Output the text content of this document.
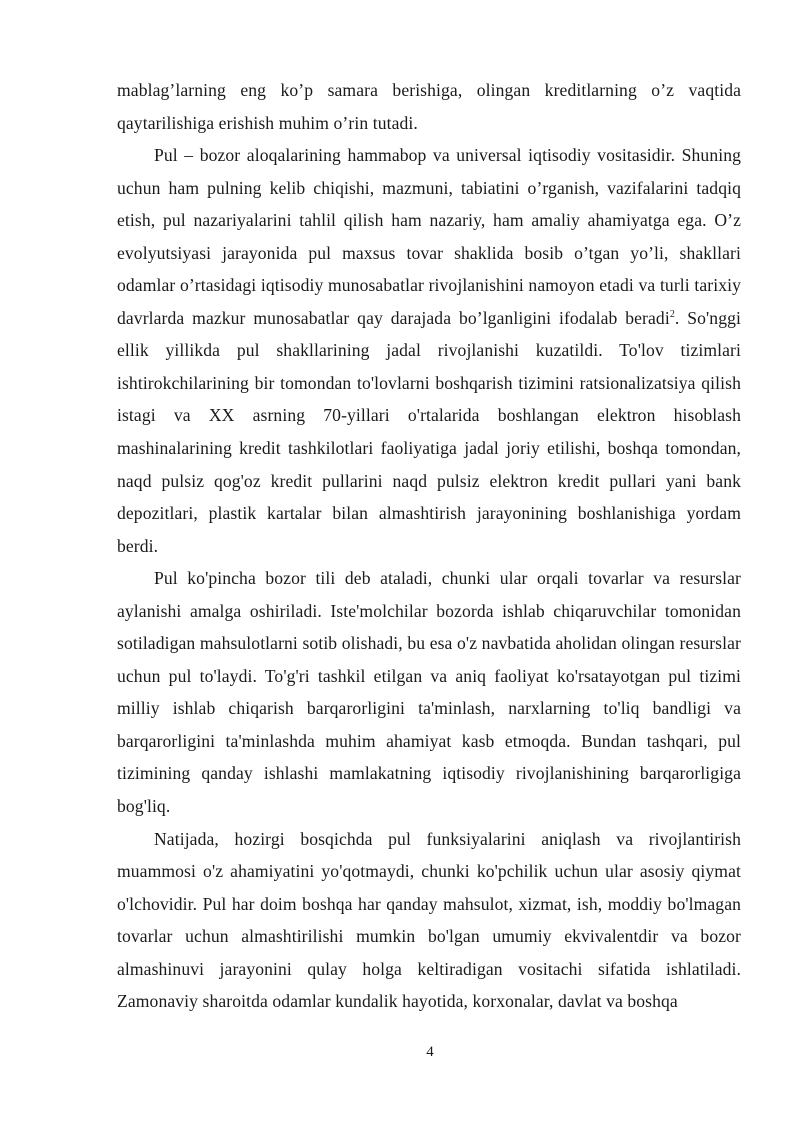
mablag’larning eng ko’p samara berishiga, olingan kreditlarning o’z vaqtida qaytarilishiga erishish muhim o’rin tutadi.

Pul – bozor aloqalarining hammabop va universal iqtisodiy vositasidir. Shuning uchun ham pulning kelib chiqishi, mazmuni, tabiatini o’rganish, vazifalarini tadqiq etish, pul nazariyalarini tahlil qilish ham nazariy, ham amaliy ahamiyatga ega. O’z evolyutsiyasi jarayonida pul maxsus tovar shaklida bosib o’tgan yo’li, shakllari odamlar o’rtasidagi iqtisodiy munosabatlar rivojlanishini namoyon etadi va turli tarixiy davrlarda mazkur munosabatlar qay darajada bo’lganligini ifodalab beradi$^2$. So'nggi ellik yillikda pul shakllarining jadal rivojlanishi kuzatildi. To'lov tizimlari ishtirokchilarining bir tomondan to'lovlarni boshqarish tizimini ratsionalizatsiya qilish istagi va XX asrning 70-yillari o'rtalarida boshlangan elektron hisoblash mashinalarining kredit tashkilotlari faoliyatiga jadal joriy etilishi, boshqa tomondan, naqd pulsiz qog'oz kredit pullarini naqd pulsiz elektron kredit pullari yani bank depozitlari, plastik kartalar bilan almashtirish jarayonining boshlanishiga yordam berdi.

Pul ko'pincha bozor tili deb ataladi, chunki ular orqali tovarlar va resurslar aylanishi amalga oshiriladi. Iste'molchilar bozorda ishlab chiqaruvchilar tomonidan sotiladigan mahsulotlarni sotib olishadi, bu esa o'z navbatida aholidan olingan resurslar uchun pul to'laydi. To'g'ri tashkil etilgan va aniq faoliyat ko'rsatayotgan pul tizimi milliy ishlab chiqarish barqarorligini ta'minlash, narxlarning to'liq bandligi va barqarorligini ta'minlashda muhim ahamiyat kasb etmoqda. Bundan tashqari, pul tizimining qanday ishlashi mamlakatning iqtisodiy rivojlanishining barqarorligiga bog'liq.

Natijada, hozirgi bosqichda pul funksiyalarini aniqlash va rivojlantirish muammosi o'z ahamiyatini yo'qotmaydi, chunki ko'pchilik uchun ular asosiy qiymat o'lchovidir. Pul har doim boshqa har qanday mahsulot, xizmat, ish, moddiy bo'lmagan tovarlar uchun almashtirilishi mumkin bo'lgan umumiy ekvivalentdir va bozor almashinuvi jarayonini qulay holga keltiradigan vositachi sifatida ishlatiladi. Zamonaviy sharoitda odamlar kundalik hayotida, korxonalar, davlat va boshqa

4
